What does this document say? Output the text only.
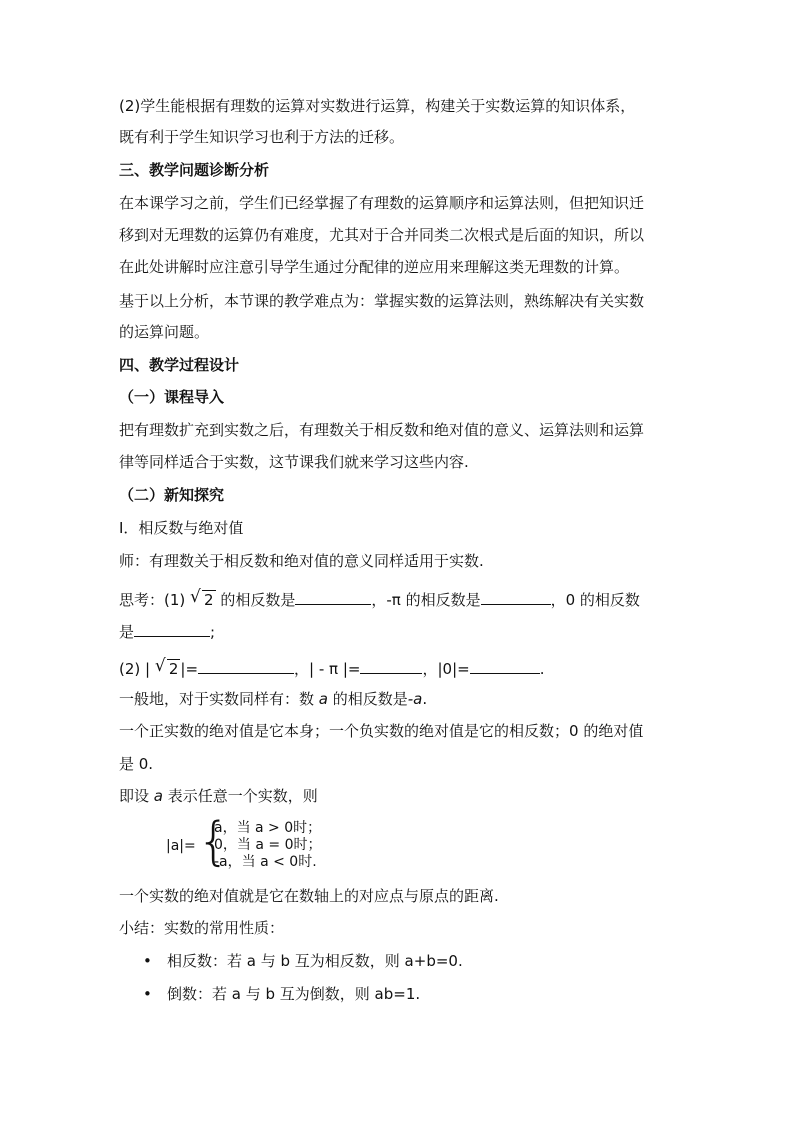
(2)学生能根据有理数的运算对实数进行运算，构建关于实数运算的知识体系，
既有利于学生知识学习也利于方法的迁移。
三、教学问题诊断分析
在本课学习之前，学生们已经掌握了有理数的运算顺序和运算法则，但把知识迁
移到对无理数的运算仍有难度，尤其对于合并同类二次根式是后面的知识，所以
在此处讲解时应注意引导学生通过分配律的逆应用来理解这类无理数的计算。
基于以上分析，本节课的教学难点为：掌握实数的运算法则，熟练解决有关实数
的运算问题。
四、教学过程设计
（一）课程导入
把有理数扩充到实数之后，有理数关于相反数和绝对值的意义、运算法则和运算
律等同样适合于实数，这节课我们就来学习这些内容.
（二）新知探究
Ⅰ．相反数与绝对值
师：有理数关于相反数和绝对值的意义同样适用于实数.
思考：(1) √ 2 的相反数是	，-π 的相反数是	，0 的相反数
是	;
(2) | √ 2 |=	，| - π |=	，|0|=	.
一般地，对于实数同样有：数 a 的相反数是-a.
一个正实数的绝对值是它本身；一个负实数的绝对值是它的相反数；0 的绝对值
是 0.
即设 a 表示任意一个实数，则
|a|= {
a，当 a > 0时；
0，当 a = 0时；
-a，当 a < 0时.
一个实数的绝对值就是它在数轴上的对应点与原点的距离.
小结：实数的常用性质：
• 相反数：若 a 与 b 互为相反数，则 a+b=0.
• 倒数：若 a 与 b 互为倒数，则 ab=1.
